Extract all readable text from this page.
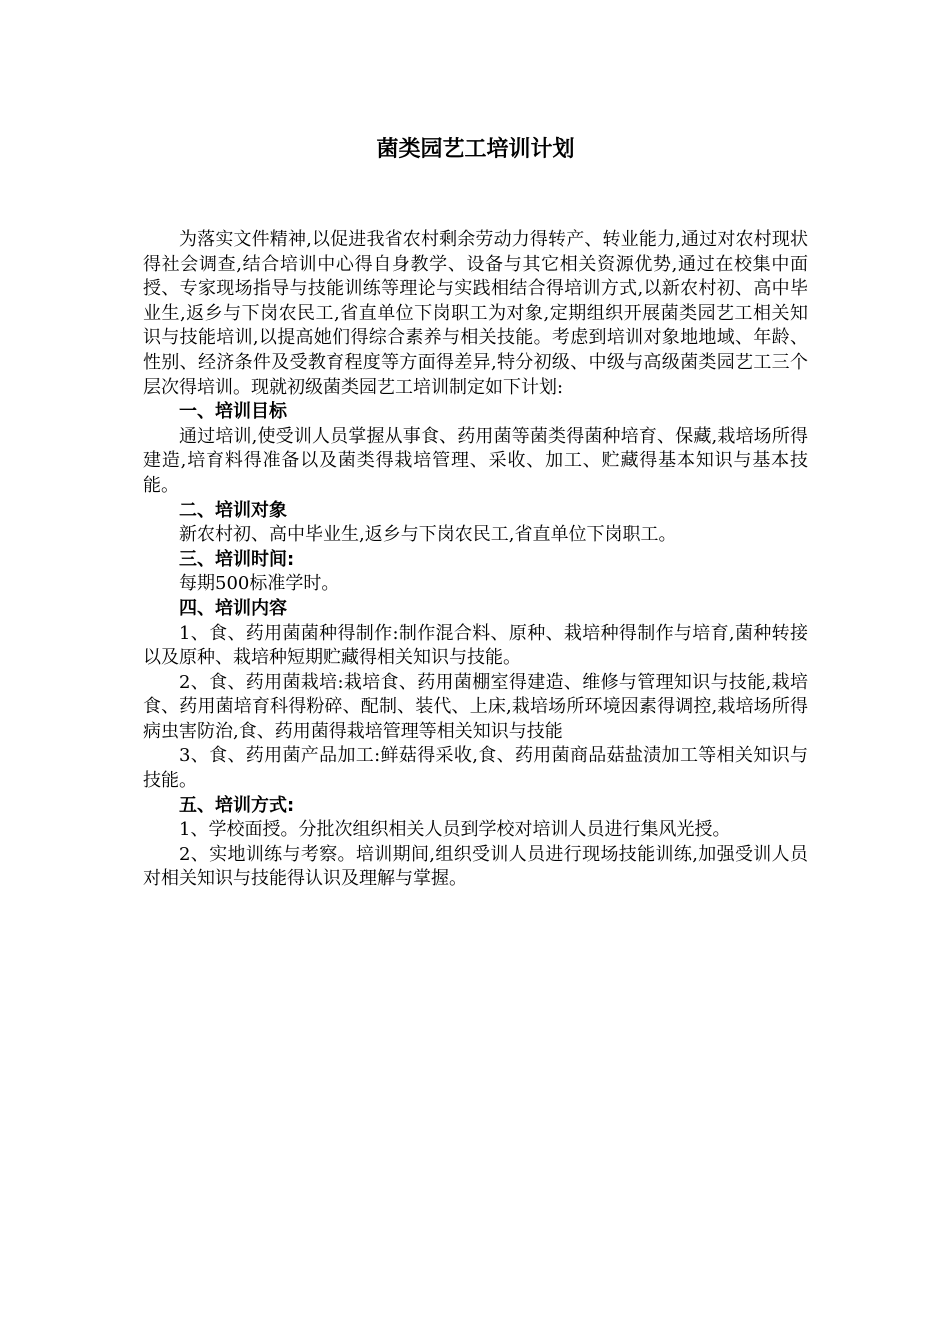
菌类园艺工培训计划

为落实文件精神,以促进我省农村剩余劳动力得转产、转业能力,通过对农村现状得社会调查,结合培训中心得自身教学、设备与其它相关资源优势,通过在校集中面授、专家现场指导与技能训练等理论与实践相结合得培训方式,以新农村初、高中毕业生,返乡与下岗农民工,省直单位下岗职工为对象,定期组织开展菌类园艺工相关知识与技能培训,以提高她们得综合素养与相关技能。考虑到培训对象地地域、年龄、性别、经济条件及受教育程度等方面得差异,特分初级、中级与高级菌类园艺工三个层次得培训。现就初级菌类园艺工培训制定如下计划:

一、培训目标

通过培训,使受训人员掌握从事食、药用菌等菌类得菌种培育、保藏,栽培场所得建造,培育料得准备以及菌类得栽培管理、采收、加工、贮藏得基本知识与基本技能。

二、培训对象

新农村初、高中毕业生,返乡与下岗农民工,省直单位下岗职工。

三、培训时间:

每期500标准学时。

四、培训内容

1、食、药用菌菌种得制作:制作混合料、原种、栽培种得制作与培育,菌种转接以及原种、栽培种短期贮藏得相关知识与技能。

2、食、药用菌栽培:栽培食、药用菌棚室得建造、维修与管理知识与技能,栽培食、药用菌培育科得粉碎、配制、装代、上床,栽培场所环境因素得调控,栽培场所得病虫害防治,食、药用菌得栽培管理等相关知识与技能

3、食、药用菌产品加工:鲜菇得采收,食、药用菌商品菇盐渍加工等相关知识与技能。

五、培训方式:

1、学校面授。分批次组织相关人员到学校对培训人员进行集风光授。

2、实地训练与考察。培训期间,组织受训人员进行现场技能训练,加强受训人员对相关知识与技能得认识及理解与掌握。
